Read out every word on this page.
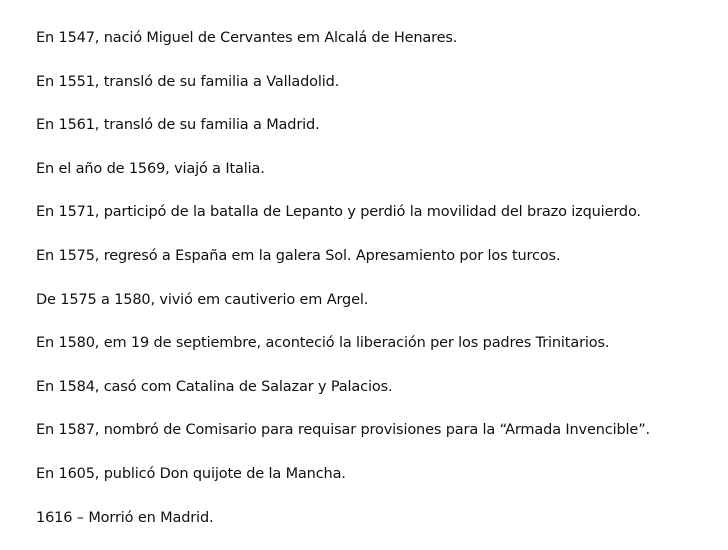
En 1547, nació Miguel de Cervantes em Alcalá de Henares.
En 1551, transló de su familia a Valladolid.
En 1561, transló de su familia a Madrid.
En el año de 1569, viajó a Italia.
En 1571, participó de la batalla de Lepanto y perdió la movilidad del brazo izquierdo.
En 1575, regresó a España em la galera Sol. Apresamiento por los turcos.
De 1575 a 1580, vivió em cautiverio em Argel.
En 1580, em 19 de septiembre, aconteció la liberación per los padres Trinitarios.
En 1584, casó com Catalina de Salazar y Palacios.
En 1587, nombró de Comisario para requisar provisiones para la “Armada Invencible”.
En 1605, publicó Don quijote de la Mancha.
1616 – Morrió en Madrid.
